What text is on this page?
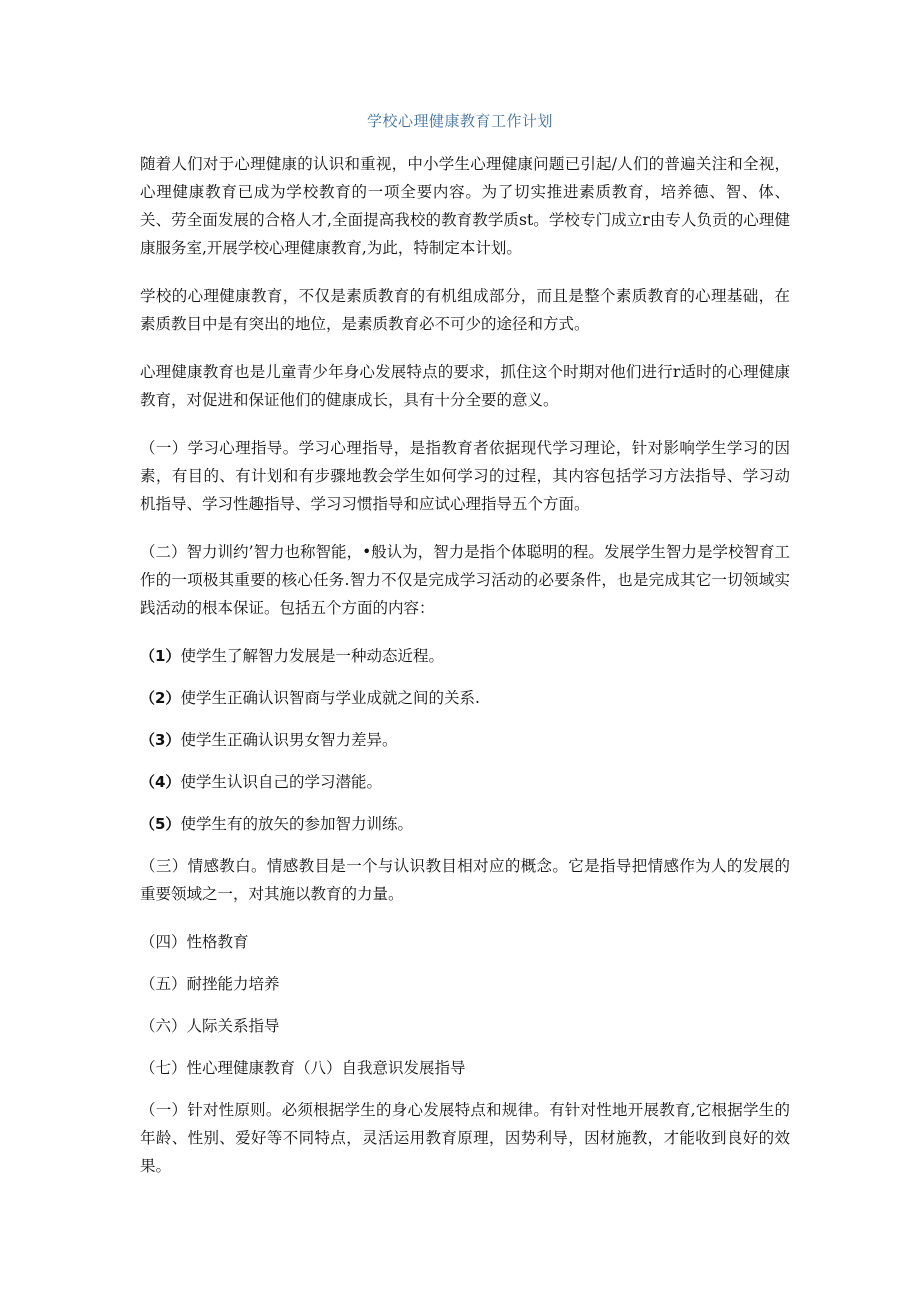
学校心理健康教育工作计划

随着人们对于心理健康的认识和重视，中小学生心理健康问题已引起/人们的普遍关注和全视，心理健康教育已成为学校教育的一项全要内容。为了切实推进素质教育，培养德、智、体、关、劳全面发展的合格人才,全面提高我校的教育教学质st。学校专门成立r由专人负贡的心理健康服务室,开展学校心理健康教育,为此，特制定本计划。

学校的心理健康教育，不仅是素质教育的有机组成部分，而且是整个素质教育的心理基础，在素质教目中是有突出的地位，是素质教育必不可少的途径和方式。

心理健康教育也是儿童青少年身心发展特点的要求，抓住这个时期对他们进行r适时的心理健康教育，对促进和保证他们的健康成长，具有十分全要的意义。

（一）学习心理指导。学习心理指导，是指教育者依据现代学习理论，针对影响学生学习的因素，有目的、有计划和有步骤地教会学生如何学习的过程，其内容包括学习方法指导、学习动机指导、学习性趣指导、学习习惯指导和应试心理指导五个方面。

（二）智力训约’智力也称智能，•般认为，智力是指个体聪明的程。发展学生智力是学校智育工作的一项极其重要的核心任务.智力不仅是完成学习活动的必要条件，也是完成其它一切领域实践活动的根本保证。包括五个方面的内容：

（1）使学生了解智力发展是一种动态近程。

（2）使学生正确认识智商与学业成就之间的关系.

（3）使学生正确认识男女智力差异。

（4）使学生认识自己的学习潜能。

（5）使学生有的放矢的参加智力训练。

（三）情感教白。情感教目是一个与认识教目相对应的概念。它是指导把情感作为人的发展的重要领域之一，对其施以教育的力量。

（四）性格教育

（五）耐挫能力培养

（六）人际关系指导

（七）性心理健康教育（八）自我意识发展指导

（一）针对性原则。必须根据学生的身心发展特点和规律。有针对性地开展教育,它根据学生的年龄、性别、爱好等不同特点，灵活运用教育原理，因势利导，因材施教，才能收到良好的效果。
